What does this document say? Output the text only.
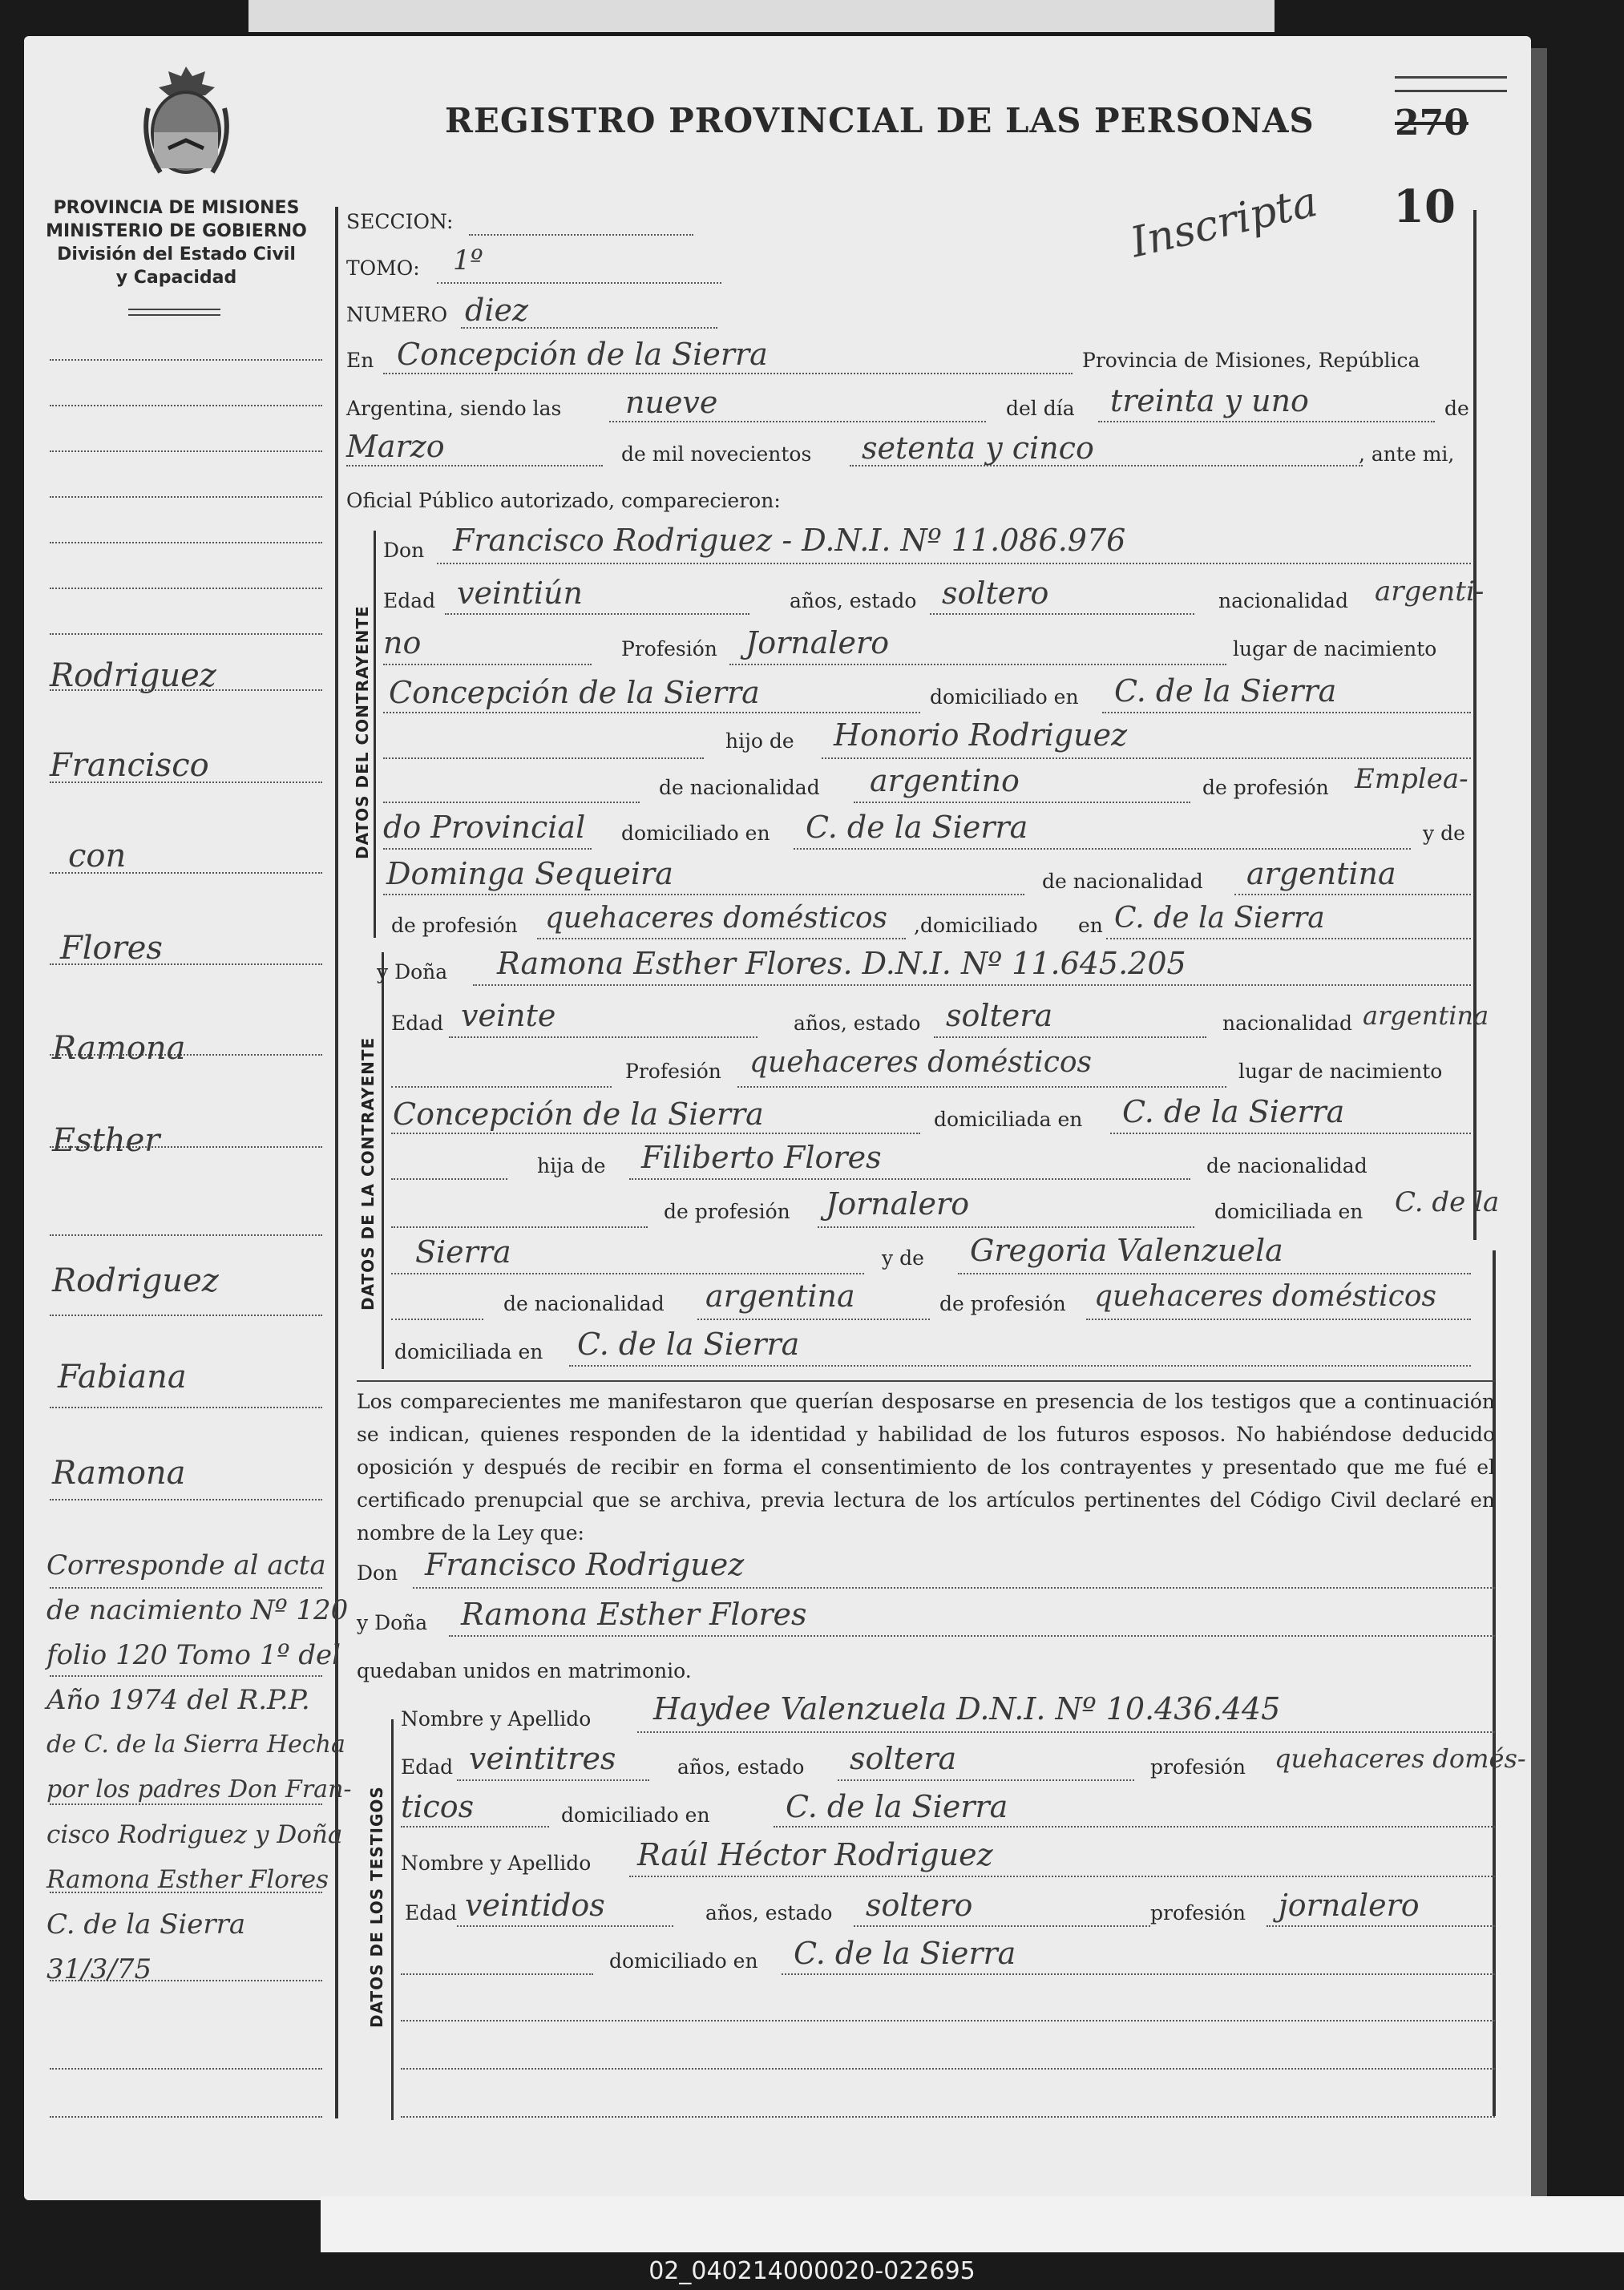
PROVINCIA DE MISIONES
MINISTERIO DE GOBIERNO
División del Estado Civil
y Capacidad
REGISTRO PROVINCIAL DE LAS PERSONAS 270
10
Inscripta
DATOS DEL CONTRAYENTE
DATOS DE LA CONTRAYENTE
DATOS DE LOS TESTIGOS
Rodriguez
Francisco
con
Flores
Ramona
Esther
Rodriguez
Fabiana
Ramona
Corresponde al acta
de nacimiento Nº 120
folio 120 Tomo 1º del
Año 1974 del R.P.P.
de C. de la Sierra Hecha
por los padres Don Fran-
cisco Rodriguez y Doña
Ramona Esther Flores
C. de la Sierra
31/3/75
SECCION:
TOMO: 1º
NUMERO diez
En Concepción de la Sierra	Provincia de Misiones, República
Argentina, siendo las nueve	del día treinta y uno	de
Marzo	de mil novecientos setenta y cinco	, ante mi,
Oficial Público autorizado, comparecieron:
Don Francisco Rodriguez - D.N.I. Nº 11.086.976
Edad veintiún	años, estado soltero	nacionalidad argenti-
no	Profesión Jornalero	lugar de nacimiento
Concepción de la Sierra	domiciliado en C. de la Sierra
hijo de Honorio Rodriguez
de nacionalidad argentino	de profesión Emplea-
do Provincial domiciliado en C. de la Sierra	y de
Dominga Sequeira	de nacionalidad argentina
de profesión quehaceres domésticos ,domiciliado en C. de la Sierra
y Doña Ramona Esther Flores. D.N.I. Nº 11.645.205
Edad veinte	años, estado soltera	nacionalidad argentina
Profesión quehaceres domésticos	lugar de nacimiento
Concepción de la Sierra	domiciliada en C. de la Sierra
hija de Filiberto Flores	de nacionalidad
de profesión Jornalero	domiciliada en C. de la
Sierra	y de Gregoria Valenzuela
de nacionalidad argentina	de profesión quehaceres domésticos
domiciliada en C. de la Sierra
Los comparecientes me manifestaron que querían desposarse en presencia de los testigos que a continuación se indican, quienes responden de la identidad y habilidad de los futuros esposos. No habiéndose deducido oposición y después de recibir en forma el consentimiento de los contrayentes y presentado que me fué el certificado prenupcial que se archiva, previa lectura de los artículos pertinentes del Código Civil declaré en nombre de la Ley que:
Don Francisco Rodriguez
y Doña Ramona Esther Flores
quedaban unidos en matrimonio.
Nombre y Apellido Haydee Valenzuela D.N.I. Nº 10.436.445
Edad veintitres	años, estado soltera	profesión quehaceres domés-
ticos	domiciliado en C. de la Sierra
Nombre y Apellido Raúl Héctor Rodriguez
Edad veintidos	años, estado soltero	profesión jornalero
domiciliado en C. de la Sierra
02_040214000020-022695
